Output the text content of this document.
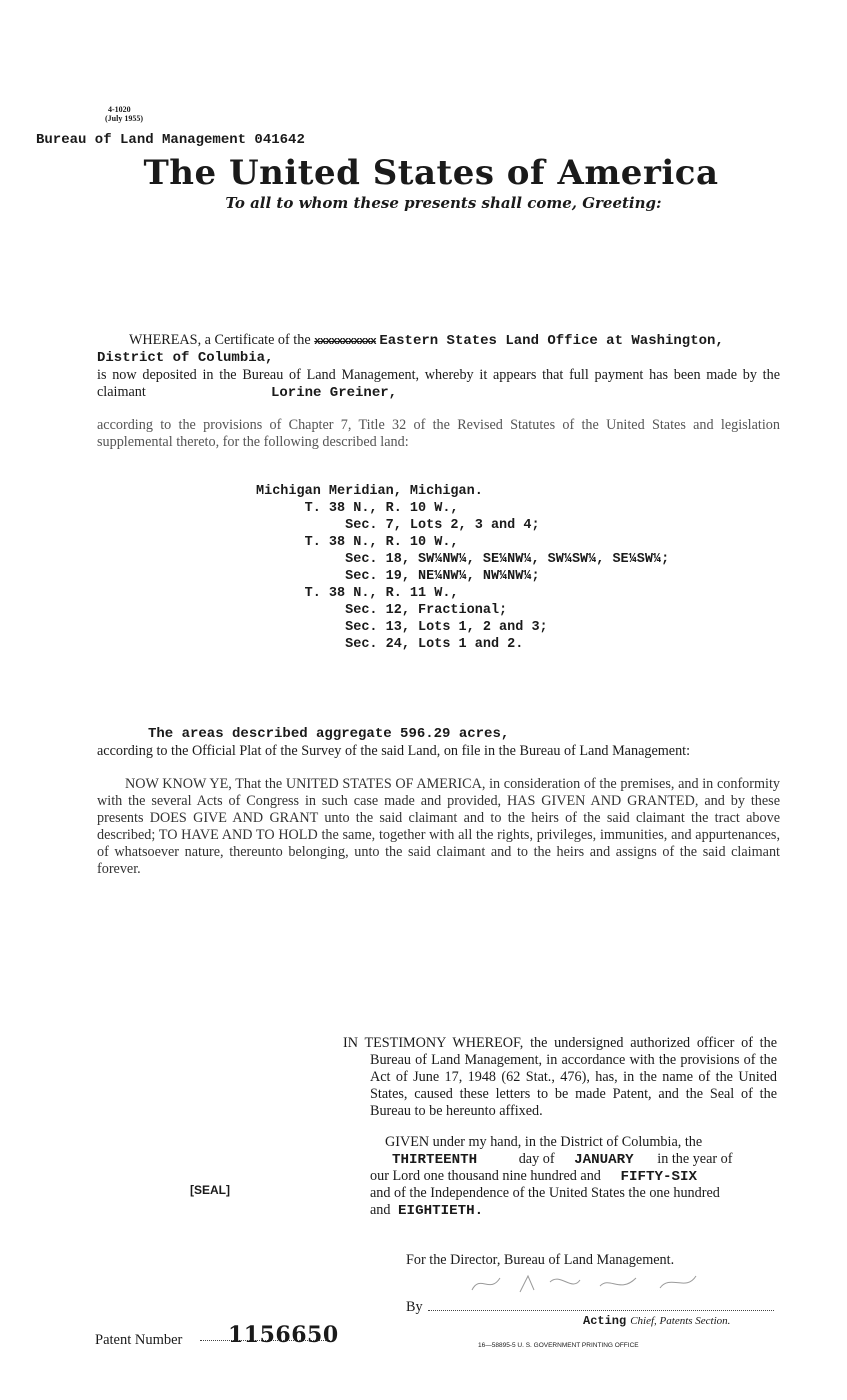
4-1020
(July 1955)
Bureau of Land Management 041642
The United States of America
To all to whom these presents shall come, Greeting:
WHEREAS, a Certificate of the xxxxxxxxxxx Eastern States Land Office at Washington,
District of Columbia,
is now deposited in the Bureau of Land Management, whereby it appears that full payment has been made by the claimant	Lorine Greiner,
according to the provisions of Chapter 7, Title 32 of the Revised Statutes of the United States and legislation supplemental thereto, for the following described land:
Michigan Meridian, Michigan.
T. 38 N., R. 10 W.,
Sec. 7, Lots 2, 3 and 4;
T. 38 N., R. 10 W.,
Sec. 18, SW¼NW¼, SE¼NW¼, SW¼SW¼, SE¼SW¼;
Sec. 19, NE¼NW¼, NW¼NW¼;
T. 38 N., R. 11 W.,
Sec. 12, Fractional;
Sec. 13, Lots 1, 2 and 3;
Sec. 24, Lots 1 and 2.
The areas described aggregate 596.29 acres,
according to the Official Plat of the Survey of the said Land, on file in the Bureau of Land Management:
NOW KNOW YE, That the UNITED STATES OF AMERICA, in consideration of the premises, and in conformity with the several Acts of Congress in such case made and provided, HAS GIVEN AND GRANTED, and by these presents DOES GIVE AND GRANT unto the said claimant and to the heirs of the said claimant the tract above described; TO HAVE AND TO HOLD the same, together with all the rights, privileges, immunities, and appurtenances, of whatsoever nature, thereunto belonging, unto the said claimant and to the heirs and assigns of the said claimant forever.
IN TESTIMONY WHEREOF, the undersigned authorized officer of the Bureau of Land Management, in accordance with the provisions of the Act of June 17, 1948 (62 Stat., 476), has, in the name of the United States, caused these letters to be made Patent, and the Seal of the Bureau to be hereunto affixed.
GIVEN under my hand, in the District of Columbia, the
THIRTEENTH	day of JANUARY in the year of
our Lord one thousand nine hundred and FIFTY-SIX
and of the Independence of the United States the one hundred
and EIGHTIETH.
[SEAL]
For the Director, Bureau of Land Management.
By
Acting Chief, Patents Section.
Patent Number 1156650	16—58895-5 U. S. GOVERNMENT PRINTING OFFICE
